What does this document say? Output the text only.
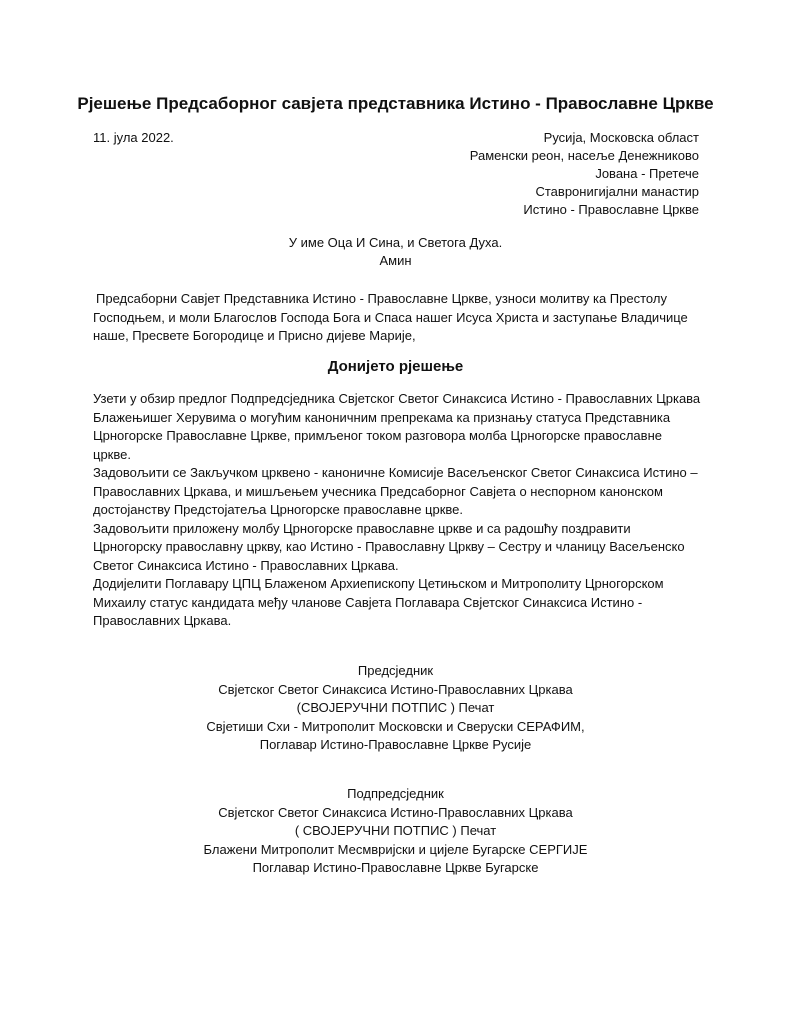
Рјешење Предсаборног савјета представника Истино - Православне Цркве
11. јула 2022.	Русија, Московска област
Раменски реон, насеље Денежниково
Јована - Претече
Ставронигијални манастир
Истино - Православне Цркве
У име Оца И Сина, и Светога Духа.
Амин
Предсаборни Савјет Представника Истино - Православне Цркве, узноси молитву ка Престолу Господњем, и моли Благослов Господа Бога и Спаса нашег Исуса Христа и заступање Владичице наше, Пресвете Богородице и Присно дијеве Марије,
Донијето рјешење

Узети у обзир предлог Подпредсједника Свјетског Светог Синаксиса Истино - Православних Цркава Блажењишег Херувима о могућим каноничним препрекама ка признању статуса Представника Црногорске Православне Цркве, примљеног током разговора молба Црногорске православне цркве.

Задовољити се Закључком црквено - каноничне Комисије Васељенског Светог Синаксиса Истино – Православних Цркава, и мишљењем учесника Предсаборног Савјета о неспорном канонском достојанству Предстојатеља Црногорске православне цркве.

Задовољити приложену молбу Црногорске православне цркве и са радошћу поздравити Црногорску православну цркву, као Истино - Православну Цркву – Сестру и чланицу Васељенско Светог Синаксиса Истино - Православних Цркава.

Додијелити Поглавару ЦПЦ Блаженом Архиепископу Цетињском и Митрополиту Црногорском Михаилу статус кандидата међу члановe Савјета Поглавара Свјетског Синаксиса Истино - Православних Цркава.

Предсједник
Свјетског Светог Синаксиса Истино-Православних Цркава
(СВОЈЕРУЧНИ ПОТПИС ) Печат
Свјетиши Схи - Митрополит Московски и Сверуски СЕРАФИМ,
Поглавар Истино-Православне Цркве Русије
Подпредсједник
Свјетског Светог Синаксиса Истино-Православних Цркава
( СВОЈЕРУЧНИ ПОТПИС ) Печат
Блажени Митрополит Месмвријски и цијеле Бугарске СЕРГИЈЕ
Поглавар Истино-Православне Цркве Бугарске
